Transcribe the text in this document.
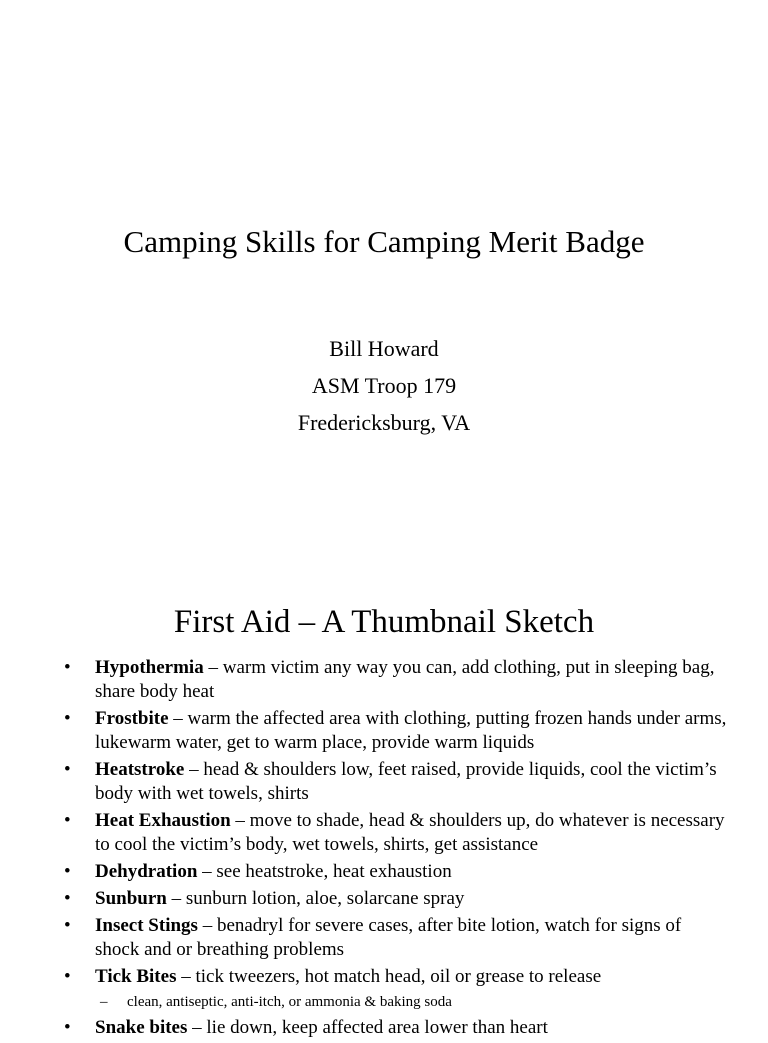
Camping Skills for Camping Merit Badge
Bill Howard
ASM Troop 179
Fredericksburg, VA
First Aid – A Thumbnail Sketch
• Hypothermia – warm victim any way you can, add clothing, put in sleeping bag, share body heat
• Frostbite – warm the affected area with clothing, putting frozen hands under arms, lukewarm water, get to warm place, provide warm liquids
• Heatstroke – head & shoulders low, feet raised, provide liquids, cool the victim’s body with wet towels, shirts
• Heat Exhaustion – move to shade, head & shoulders up, do whatever is necessary to cool the victim’s body, wet towels, shirts, get assistance
• Dehydration – see heatstroke, heat exhaustion
• Sunburn – sunburn lotion, aloe, solarcane spray
• Insect Stings – benadryl for severe cases, after bite lotion, watch for signs of shock and or breathing problems
• Tick Bites – tick tweezers, hot match head, oil or grease to release
– clean, antiseptic, anti-itch, or ammonia & baking soda
• Snake bites – lie down, keep affected area lower than heart
